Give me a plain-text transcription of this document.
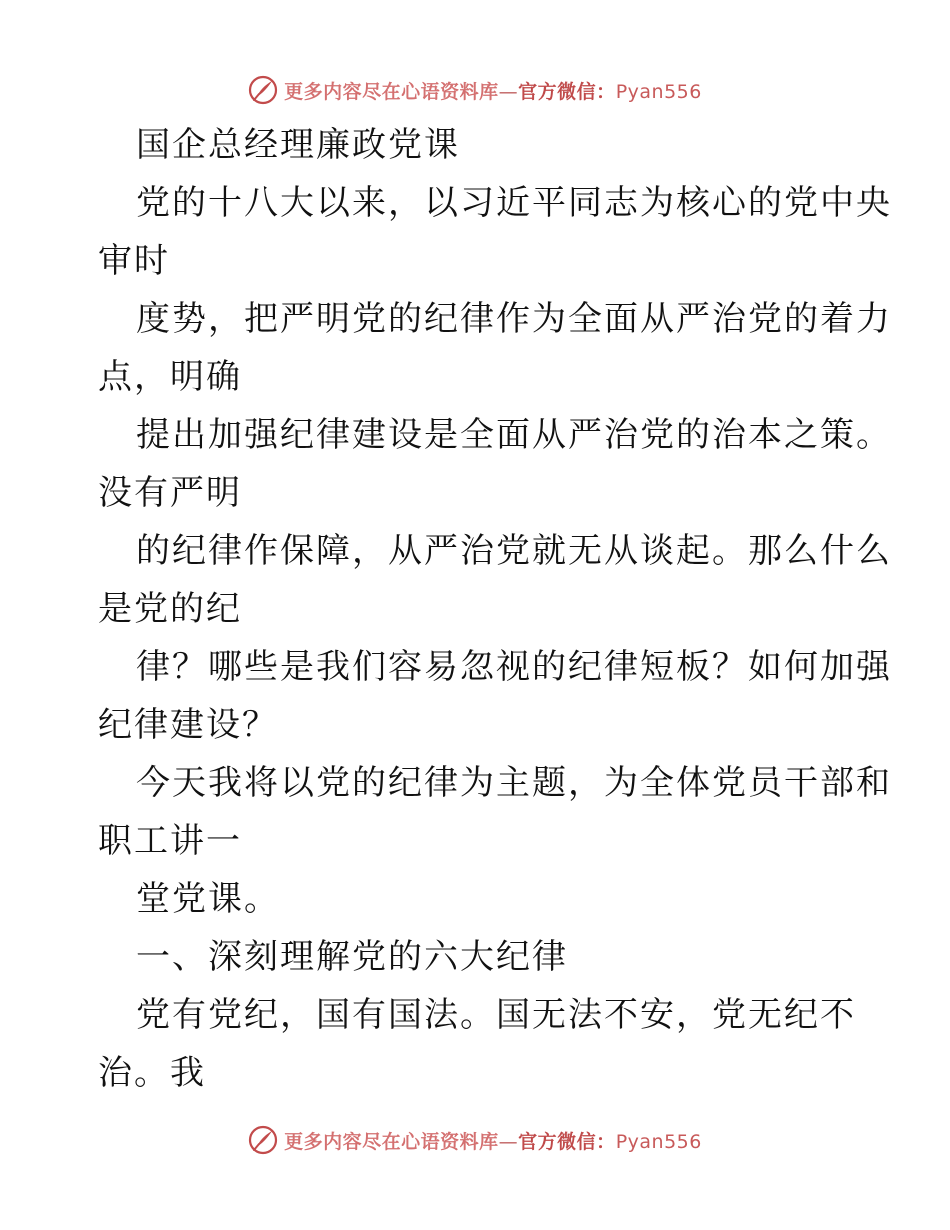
更多内容尽在心语资料库—官方微信：Pyan556
国企总经理廉政党课
党的十八大以来，以习近平同志为核心的党中央
审时
度势，把严明党的纪律作为全面从严治党的着力
点，明确
提出加强纪律建设是全面从严治党的治本之策。
没有严明
的纪律作保障，从严治党就无从谈起。那么什么
是党的纪
律？哪些是我们容易忽视的纪律短板？如何加强
纪律建设？
今天我将以党的纪律为主题，为全体党员干部和
职工讲一
堂党课。
一、深刻理解党的六大纪律
党有党纪，国有国法。国无法不安，党无纪不
治。我
更多内容尽在心语资料库—官方微信：Pyan556
